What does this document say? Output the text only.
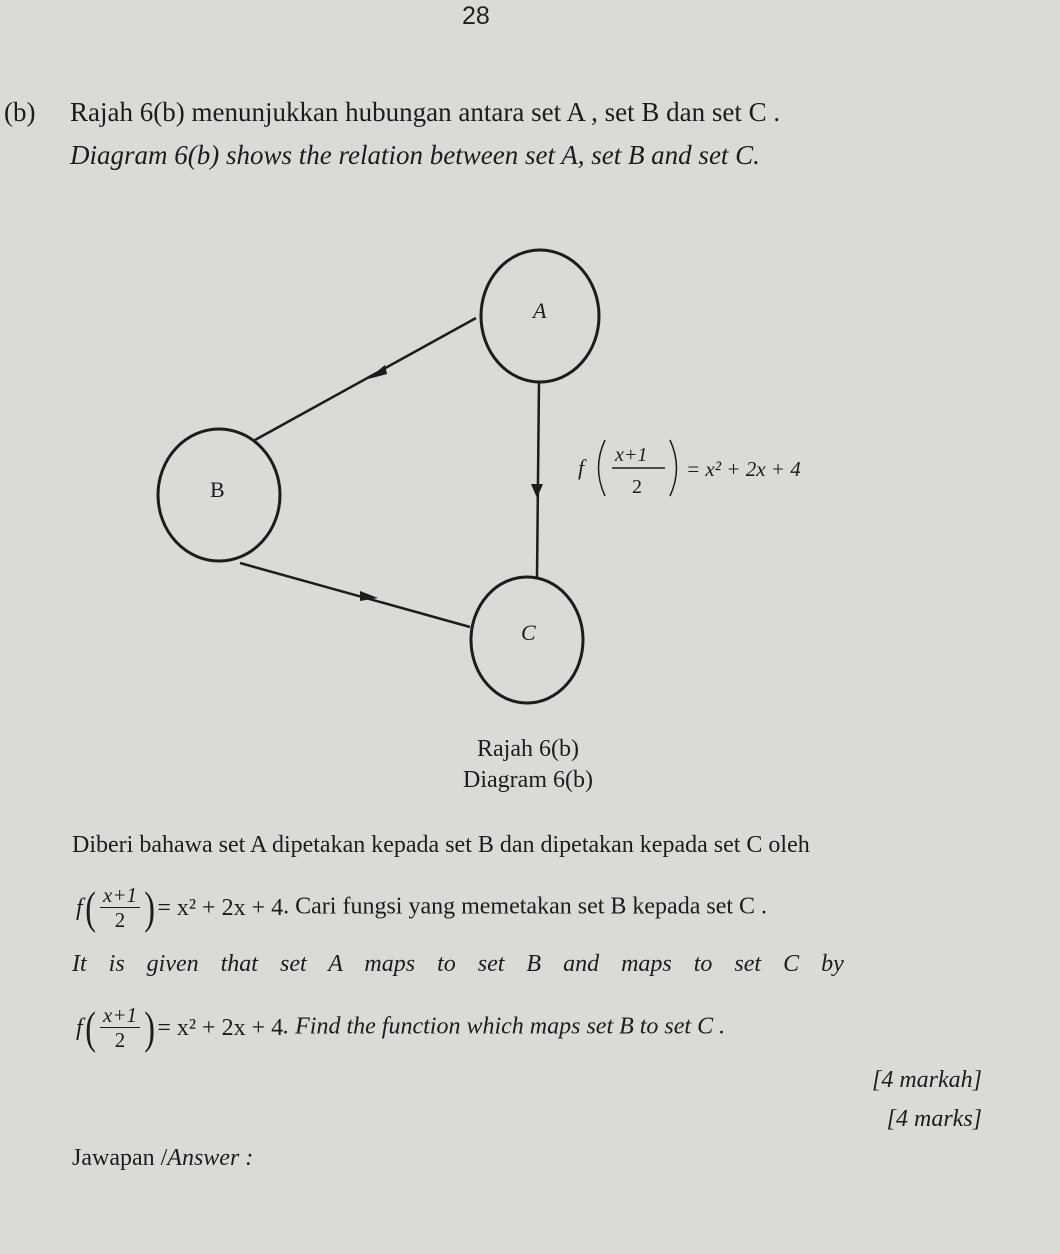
28
(b) Rajah 6(b) menunjukkan hubungan antara set A , set B dan set C .
Diagram 6(b) shows the relation between set A, set B and set C.
A
B
C
f x+1
2
= x² + 2x + 4
Rajah 6(b)
Diagram 6(b)
Diberi bahawa set A dipetakan kepada set B dan dipetakan kepada set C oleh
f ( $\frac{x+1}{2}$ ) = x² + 2x + 4 . Cari fungsi yang memetakan set B kepada set C .
It is given that set A maps to set B and maps to set C by
f ( $\frac{x+1}{2}$ ) = x² + 2x + 4 . Find the function which maps set B to set C .
[4 markah]
[4 marks]
Jawapan /Answer :
